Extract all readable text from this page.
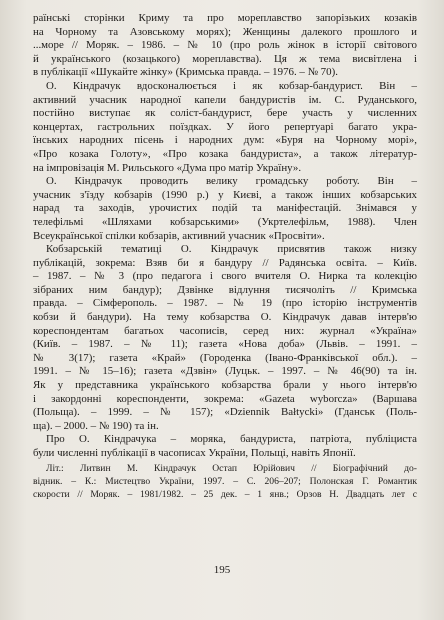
раїнські сторінки Криму та про мореплавство запорізьких козаків
на Чорному та Азовському морях); Женщины далекого прошлого и
...море // Моряк. – 1986. – № 10 (про роль жінок в історії світового
й українського (козацького) мореплавства). Ця ж тема висвітлена і
в публікації «Шукайте жінку» (Кримська правда. – 1976. – № 70).
О. Кіндрачук вдосконалюється і як кобзар-бандурист. Він –
активний учасник народної капели бандуристів ім. С. Руданського,
постійно виступає як соліст-бандурист, бере участь у численних
концертах, гастрольних поїздках. У його репертуарі багато укра-
їнських народних пісень і народних дум: «Буря на Чорному морі»,
«Про козака Голоту», «Про козака бандуриста», а також літератур-
на імпровізація М. Рильського «Дума про матір Україну».
О. Кіндрачук проводить велику громадську роботу. Він –
учасник з'їзду кобзарів (1990 р.) у Києві, а також інших кобзарських
нарад та заходів, урочистих подій та маніфестацій. Знімався у
телефільмі «Шляхами кобзарськими» (Укртелефільм, 1988). Член
Всеукраїнської спілки кобзарів, активний учасник «Просвіти».
Кобзарській тематиці О. Кіндрачук присвятив також низку
публікацій, зокрема: Взяв би я бандуру // Радянська освіта. – Київ.
– 1987. – № 3 (про педагога і свого вчителя О. Нирка та колекцію
зібраних ним бандур); Дзвінке відлуння тисячоліть // Кримська
правда. – Сімферополь. – 1987. – № 19 (про історію інструментів
кобзи й бандури). На тему кобзарства О. Кіндрачук давав інтерв'ю
кореспондентам багатьох часописів, серед них: журнал «Україна»
(Київ. – 1987. – № 11); газета «Нова доба» (Львів. – 1991. –
№ 3(17); газета «Край» (Городенка (Івано-Франківської обл.). –
1991. – № 15–16); газета «Дзвін» (Луцьк. – 1997. – № 46(90) та ін.
Як у представника українського кобзарства брали у нього інтерв'ю
і закордонні кореспонденти, зокрема: «Gazeta wyborcza» (Варшава
(Польща). – 1999. – № 157); «Dziennik Bałtycki» (Гданськ (Поль-
ща). – 2000. – № 190) та ін.
Про О. Кіндрачука – моряка, бандуриста, патріота, публіциста
були численні публікації в часописах України, Польщі, навіть Японії.
Літ.: Литвин М. Кіндрачук Остап Юрійович // Біографічний до-
відник. – К.: Мистецтво України, 1997. – С. 206–207; Полонская Г. Романтик
скорости // Моряк. – 1981/1982. – 25 дек. – 1 янв.; Орзов Н. Двадцать лет с
195
